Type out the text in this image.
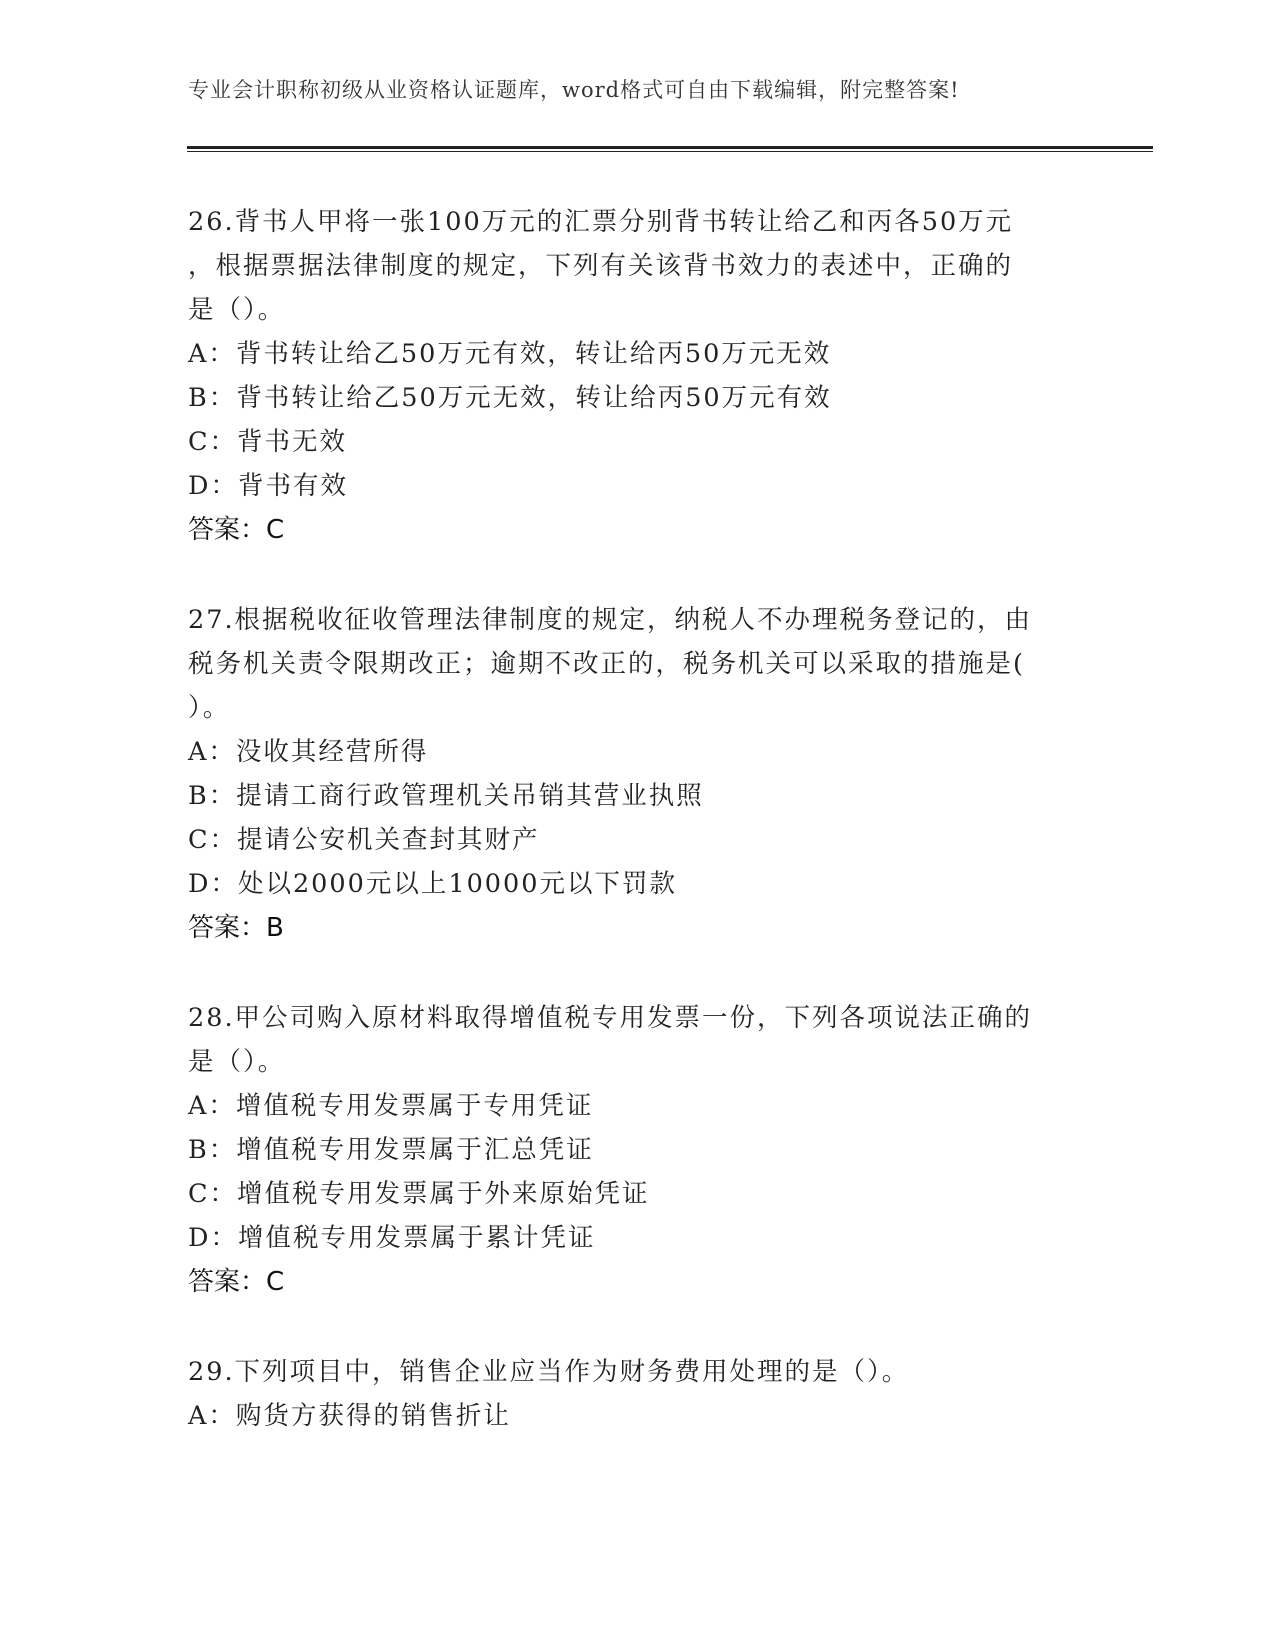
专业会计职称初级从业资格认证题库，word格式可自由下载编辑，附完整答案!
26.背书人甲将一张100万元的汇票分别背书转让给乙和丙各50万元
，根据票据法律制度的规定，下列有关该背书效力的表述中，正确的
是（）。
A：背书转让给乙50万元有效，转让给丙50万元无效
B：背书转让给乙50万元无效，转让给丙50万元有效
C：背书无效
D：背书有效
答案：C
27.根据税收征收管理法律制度的规定，纳税人不办理税务登记的，由
税务机关责令限期改正；逾期不改正的，税务机关可以采取的措施是(
）。
A：没收其经营所得
B：提请工商行政管理机关吊销其营业执照
C：提请公安机关查封其财产
D：处以2000元以上10000元以下罚款
答案：B
28.甲公司购入原材料取得增值税专用发票一份，下列各项说法正确的
是（）。
A：增值税专用发票属于专用凭证
B：增值税专用发票属于汇总凭证
C：增值税专用发票属于外来原始凭证
D：增值税专用发票属于累计凭证
答案：C
29.下列项目中，销售企业应当作为财务费用处理的是（）。
A：购货方获得的销售折让
